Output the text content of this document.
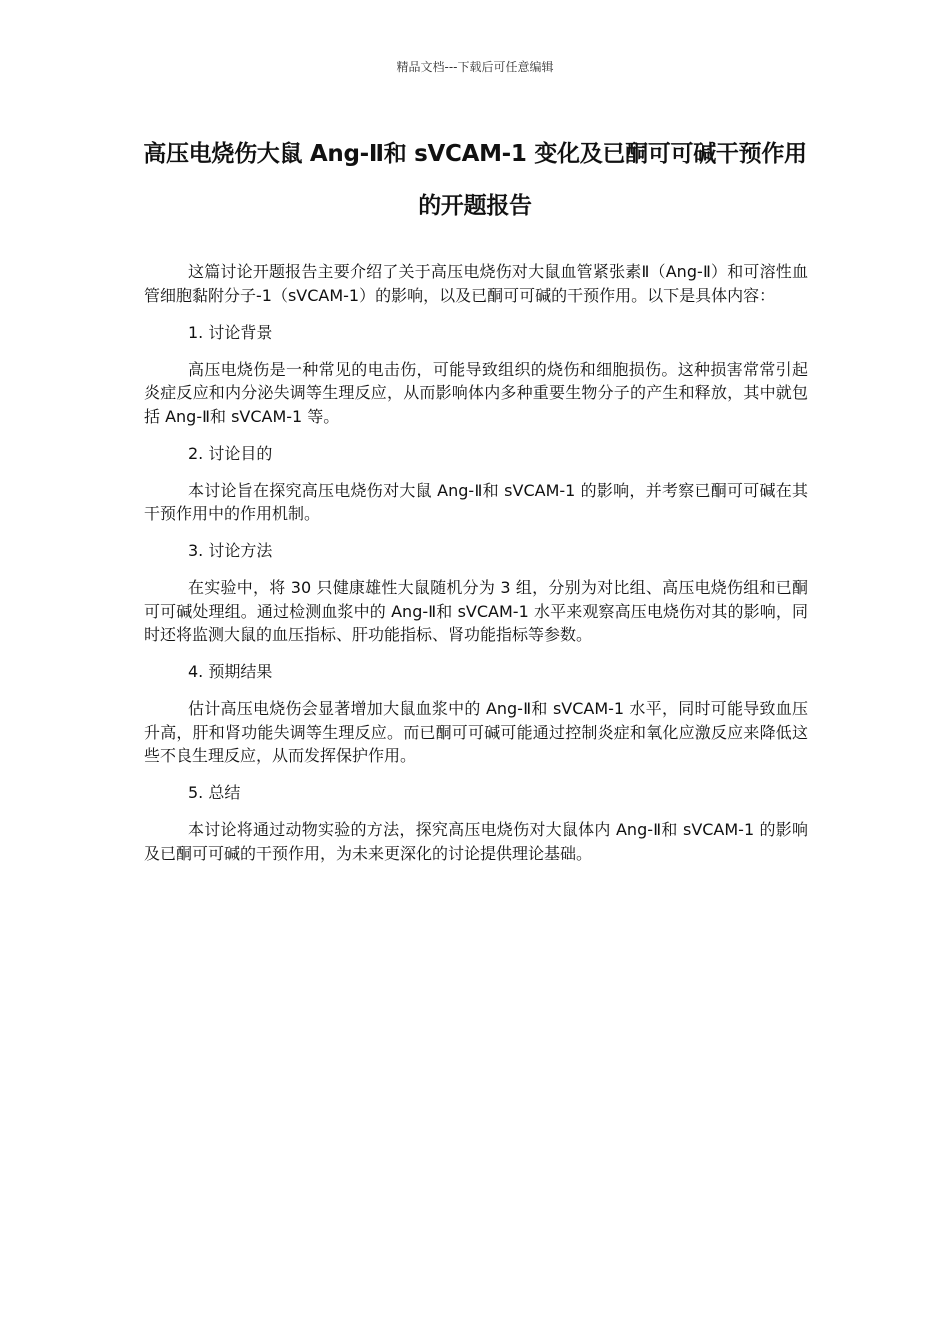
精品文档---下载后可任意编辑
高压电烧伤大鼠 Ang-Ⅱ和 sVCAM-1 变化及已酮可可碱干预作用的开题报告

这篇讨论开题报告主要介绍了关于高压电烧伤对大鼠血管紧张素Ⅱ（Ang-Ⅱ）和可溶性血管细胞黏附分子-1（sVCAM-1）的影响，以及已酮可可碱的干预作用。以下是具体内容：

1. 讨论背景

高压电烧伤是一种常见的电击伤，可能导致组织的烧伤和细胞损伤。这种损害常常引起炎症反应和内分泌失调等生理反应，从而影响体内多种重要生物分子的产生和释放，其中就包括 Ang-Ⅱ和 sVCAM-1 等。

2. 讨论目的

本讨论旨在探究高压电烧伤对大鼠 Ang-Ⅱ和 sVCAM-1 的影响，并考察已酮可可碱在其干预作用中的作用机制。

3. 讨论方法

在实验中，将 30 只健康雄性大鼠随机分为 3 组，分别为对比组、高压电烧伤组和已酮可可碱处理组。通过检测血浆中的 Ang-Ⅱ和 sVCAM-1 水平来观察高压电烧伤对其的影响，同时还将监测大鼠的血压指标、肝功能指标、肾功能指标等参数。

4. 预期结果

估计高压电烧伤会显著增加大鼠血浆中的 Ang-Ⅱ和 sVCAM-1 水平，同时可能导致血压升高，肝和肾功能失调等生理反应。而已酮可可碱可能通过控制炎症和氧化应激反应来降低这些不良生理反应，从而发挥保护作用。

5. 总结

本讨论将通过动物实验的方法，探究高压电烧伤对大鼠体内 Ang-Ⅱ和 sVCAM-1 的影响及已酮可可碱的干预作用，为未来更深化的讨论提供理论基础。
